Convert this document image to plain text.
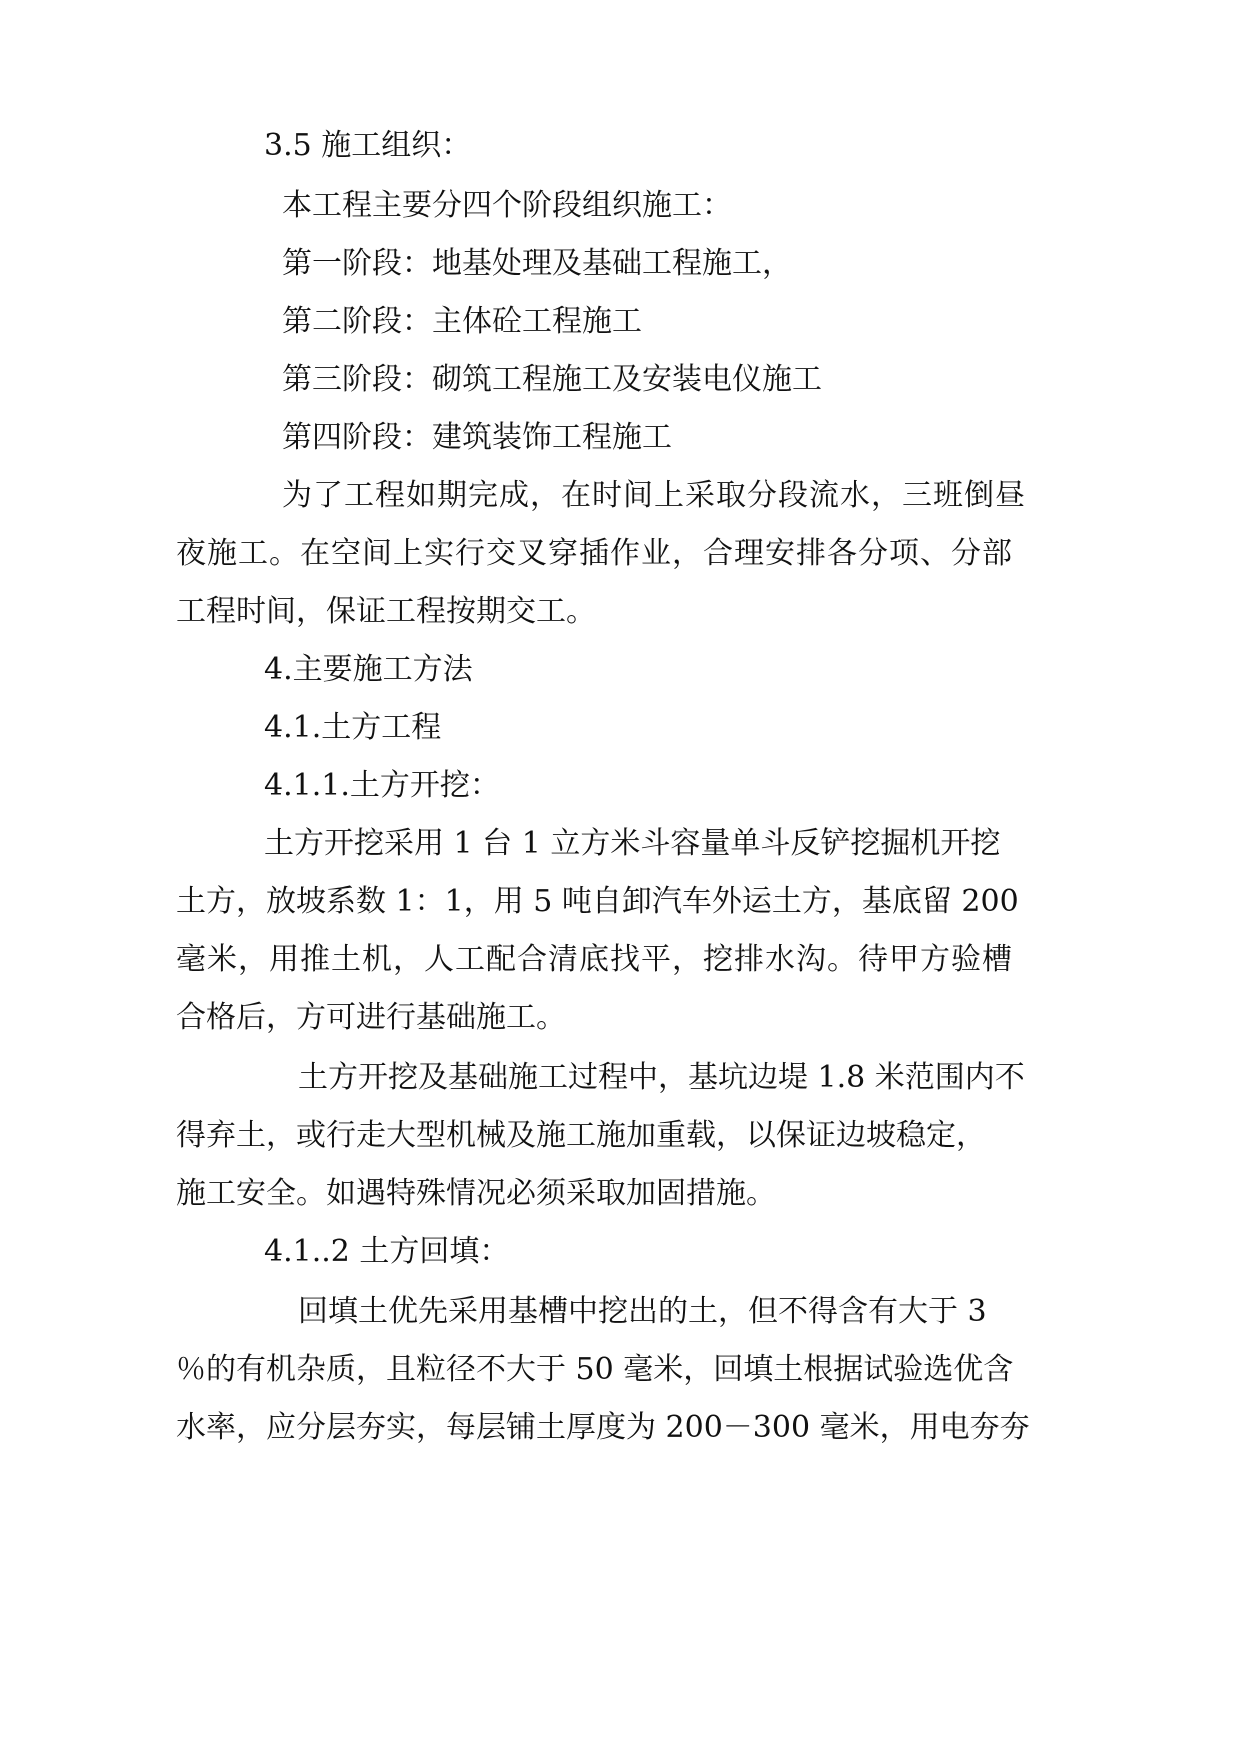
3.5 施工组织：
本工程主要分四个阶段组织施工：
第一阶段：地基处理及基础工程施工，
第二阶段：主体砼工程施工
第三阶段：砌筑工程施工及安装电仪施工
第四阶段：建筑装饰工程施工
为了工程如期完成，在时间上采取分段流水，三班倒昼
夜施工。在空间上实行交叉穿插作业，合理安排各分项、分部
工程时间，保证工程按期交工。
4.主要施工方法
4.1.土方工程
4.1.1.土方开挖：
土方开挖采用 1 台 1 立方米斗容量单斗反铲挖掘机开挖
土方，放坡系数 1：1，用 5 吨自卸汽车外运土方，基底留 200
毫米，用推土机，人工配合清底找平，挖排水沟。待甲方验槽
合格后，方可进行基础施工。
土方开挖及基础施工过程中，基坑边堤 1.8 米范围内不
得弃土，或行走大型机械及施工施加重载，以保证边坡稳定，
施工安全。如遇特殊情况必须采取加固措施。
4.1..2 土方回填：
回填土优先采用基槽中挖出的土，但不得含有大于 3
％的有机杂质，且粒径不大于 50 毫米，回填土根据试验选优含
水率，应分层夯实，每层铺土厚度为 200－300 毫米，用电夯夯
